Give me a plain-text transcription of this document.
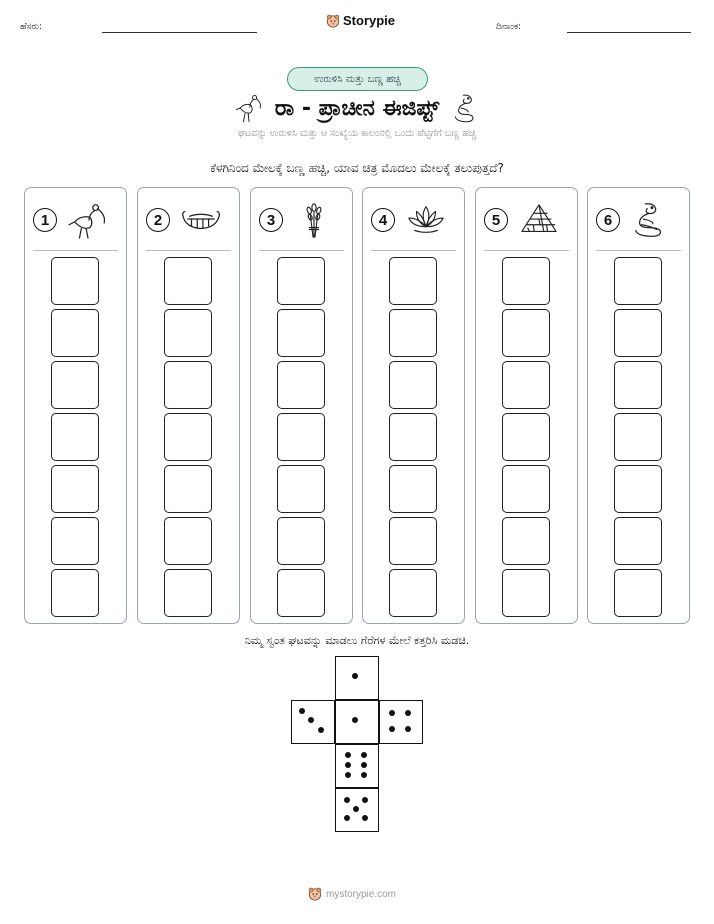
ಹೆಸರು:	Storypie	ದಿನಾಂಕ:
ಉರುಳಿಸಿ ಮತ್ತು ಬಣ್ಣ ಹಚ್ಚಿ
ರಾ - ಪ್ರಾಚೀನ ಈಜಿಪ್ಟ್
ಘಟವನ್ನು ಉರುಳಿಸಿ ಮತ್ತು ಆ ಸಂಖ್ಯೆಯ ಕಾಲಂನಲ್ಲಿ ಒಂದು ಪೆಟ್ಟಿಗೆಗೆ ಬಣ್ಣ ಹಚ್ಚಿ
ಕೆಳಗಿನಿಂದ ಮೇಲಕ್ಕೆ ಬಣ್ಣ ಹಚ್ಚಿ, ಯಾವ ಚಿತ್ರ ಮೊದಲು ಮೇಲಕ್ಕೆ ತಲುಪುತ್ತದೆ?
1	2	3	4	5	6
ನಿಮ್ಮ ಸ್ವಂತ ಘಟವನ್ನು ಮಾಡಲು ಗೆರೆಗಳ ಮೇಲೆ ಕತ್ತರಿಸಿ ಮಡಚಿ.
mystorypie.com
